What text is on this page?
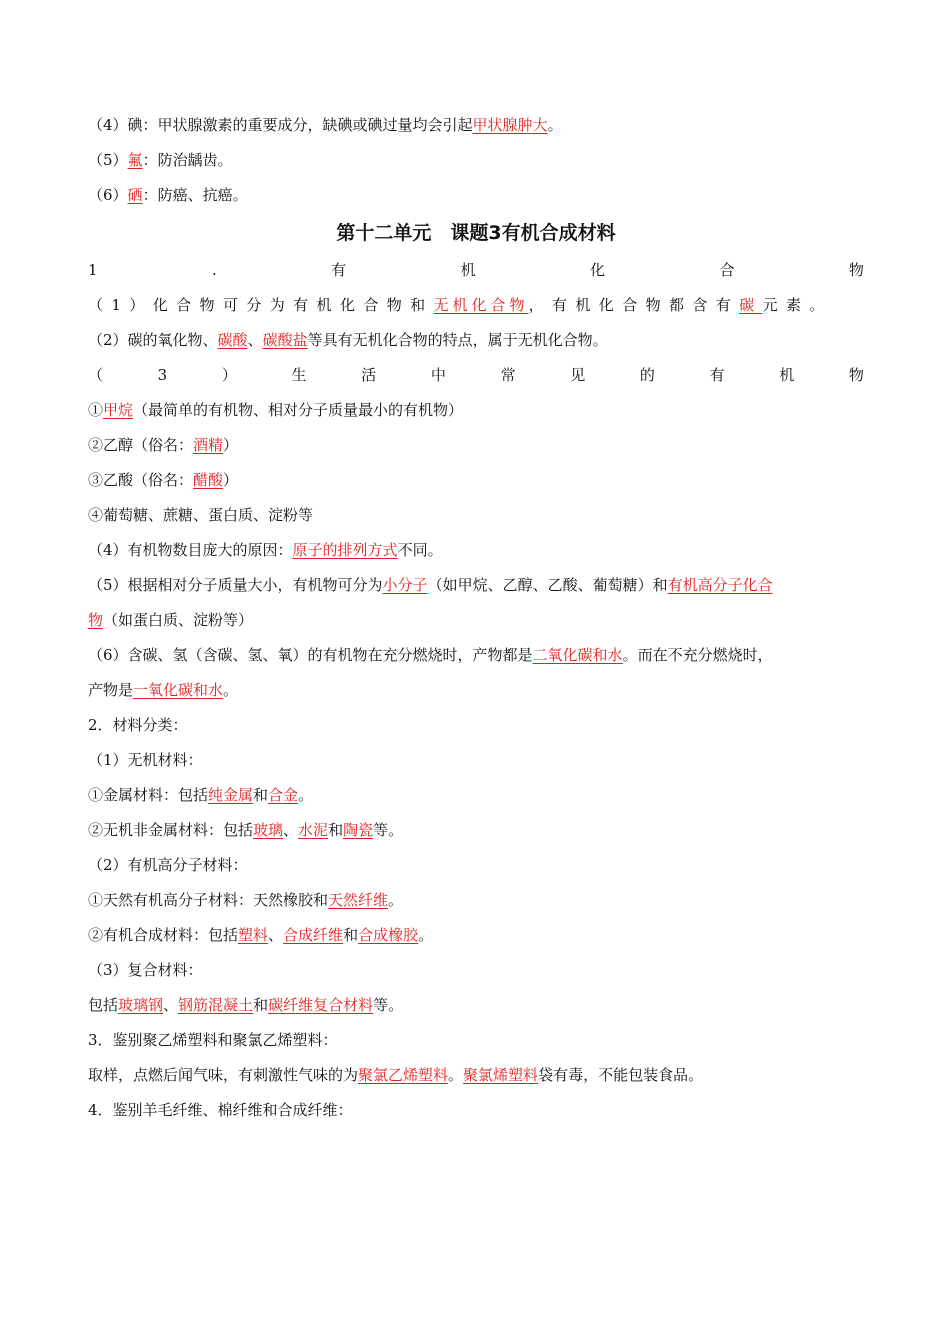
（4）碘：甲状腺激素的重要成分，缺碘或碘过量均会引起甲状腺肿大。
（5）氟：防治龋齿。
（6）硒：防癌、抗癌。
第十二单元　课题3有机合成材料
1	.	有	机	化	合	物
（1）化合物可分为有机化合物和无机化合物，有机化合物都含有碳元素。
（2）碳的氧化物、碳酸、碳酸盐等具有无机化合物的特点，属于无机化合物。
（	3	）	生	活	中	常	见	的	有	机	物
①甲烷（最简单的有机物、相对分子质量最小的有机物）
②乙醇（俗名：酒精）
③乙酸（俗名：醋酸）
④葡萄糖、蔗糖、蛋白质、淀粉等
（4）有机物数目庞大的原因：原子的排列方式不同。
（5）根据相对分子质量大小，有机物可分为小分子（如甲烷、乙醇、乙酸、葡萄糖）和有机高分子化合
物（如蛋白质、淀粉等）
（6）含碳、氢（含碳、氢、氧）的有机物在充分燃烧时，产物都是二氧化碳和水。而在不充分燃烧时，
产物是一氧化碳和水。
2．材料分类：
（1）无机材料：
①金属材料：包括纯金属和合金。
②无机非金属材料：包括玻璃、水泥和陶瓷等。
（2）有机高分子材料：
①天然有机高分子材料：天然橡胶和天然纤维。
②有机合成材料：包括塑料、合成纤维和合成橡胶。
（3）复合材料：
包括玻璃钢、钢筋混凝土和碳纤维复合材料等。
3．鉴别聚乙烯塑料和聚氯乙烯塑料：
取样，点燃后闻气味，有刺激性气味的为聚氯乙烯塑料。聚氯烯塑料袋有毒，不能包装食品。
4．鉴别羊毛纤维、棉纤维和合成纤维：
